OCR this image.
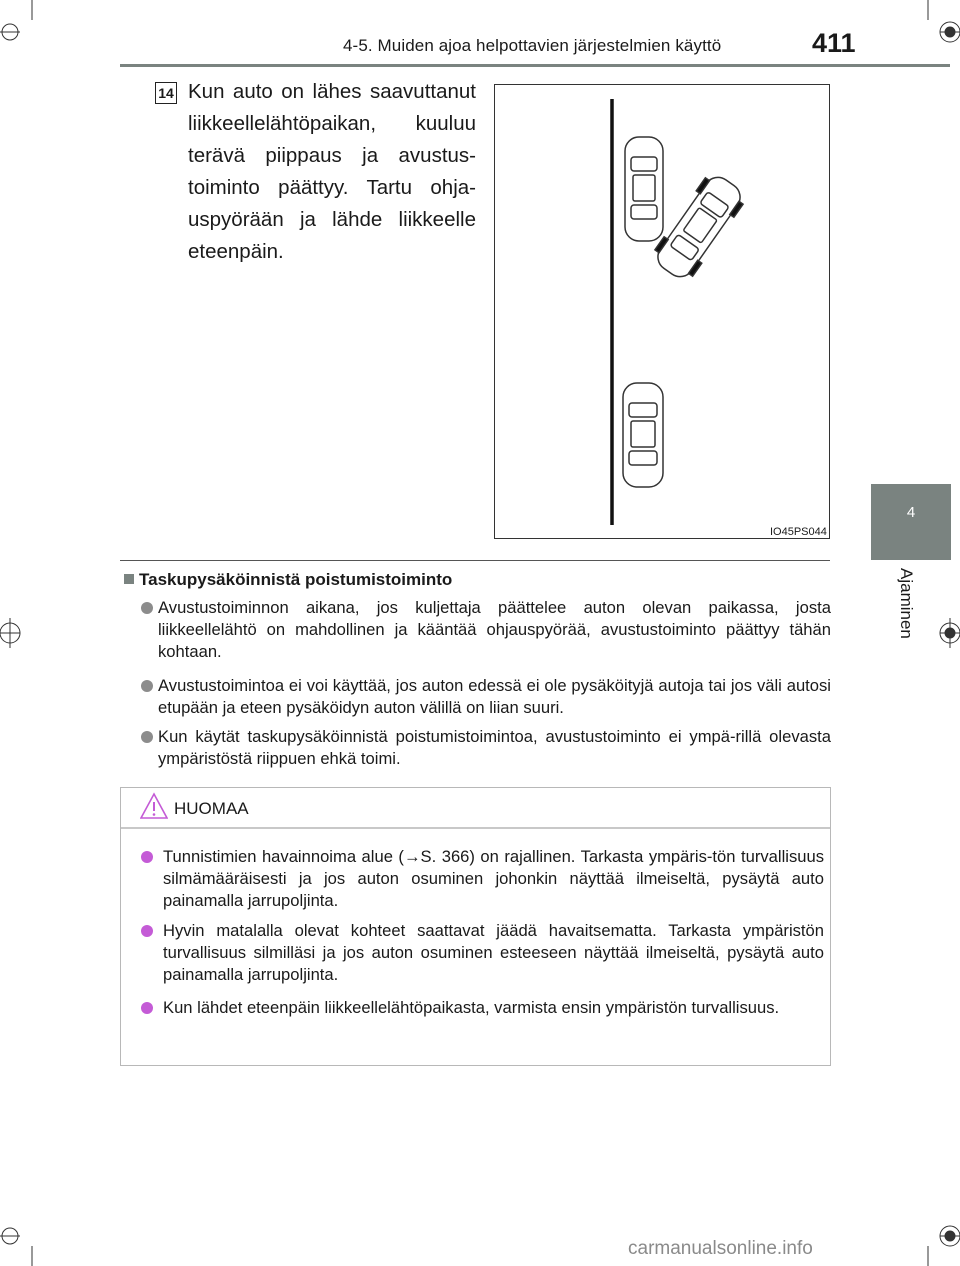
4-5. Muiden ajoa helpottavien järjestelmien käyttö	411
4
Ajaminen
14 Kun auto on lähes saavuttanut liikkeellelähtöpaikan, kuuluu terävä piippaus ja avustus-toiminto päättyy. Tartu ohja-uspyörään ja lähde liikkeelle eteenpäin.
IO45PS044
Taskupysäköinnistä poistumistoiminto
Avustustoiminnon aikana, jos kuljettaja päättelee auton olevan paikassa, josta liikkeellelähtö on mahdollinen ja kääntää ohjauspyörää, avustustoiminto päättyy tähän kohtaan.
Avustustoimintoa ei voi käyttää, jos auton edessä ei ole pysäköityjä autoja tai jos väli autosi etupään ja eteen pysäköidyn auton välillä on liian suuri.
Kun käytät taskupysäköinnistä poistumistoimintoa, avustustoiminto ei ympä-rillä olevasta ympäristöstä riippuen ehkä toimi.
HUOMAA
Tunnistimien havainnoima alue (→S. 366) on rajallinen. Tarkasta ympäris-tön turvallisuus silmämääräisesti ja jos auton osuminen johonkin näyttää ilmeiseltä, pysäytä auto painamalla jarrupoljinta.
Hyvin matalalla olevat kohteet saattavat jäädä havaitsematta. Tarkasta ympäristön turvallisuus silmilläsi ja jos auton osuminen esteeseen näyttää ilmeiseltä, pysäytä auto painamalla jarrupoljinta.
Kun lähdet eteenpäin liikkeellelähtöpaikasta, varmista ensin ympäristön turvallisuus.
carmanualsonline.info
